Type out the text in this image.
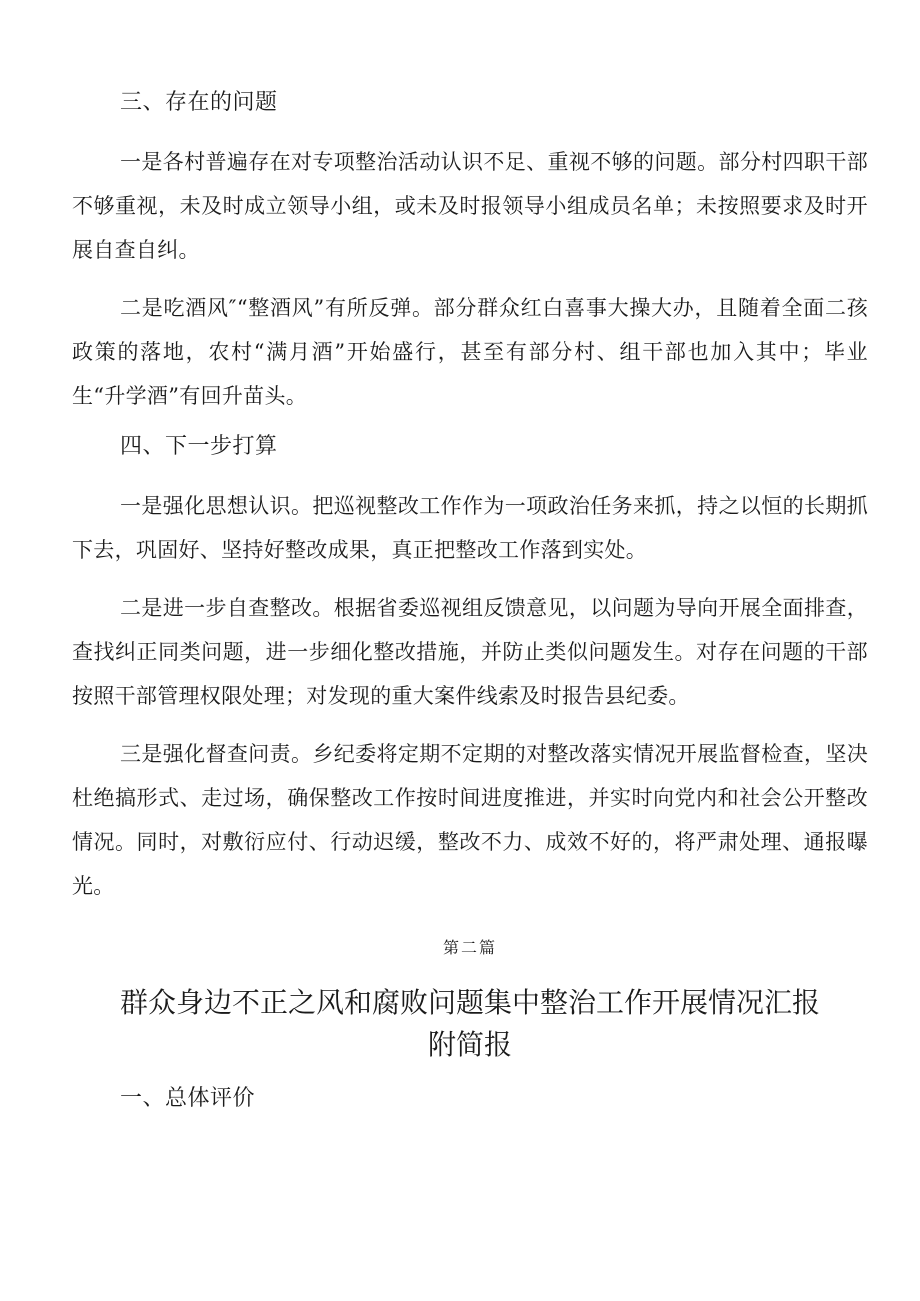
三、存在的问题

一是各村普遍存在对专项整治活动认识不足、重视不够的问题。部分村四职干部不够重视，未及时成立领导小组，或未及时报领导小组成员名单；未按照要求及时开展自查自纠。

二是吃酒风″“整酒风”有所反弹。部分群众红白喜事大操大办，且随着全面二孩政策的落地，农村“满月酒”开始盛行，甚至有部分村、组干部也加入其中；毕业生“升学酒”有回升苗头。

四、下一步打算

一是强化思想认识。把巡视整改工作作为一项政治任务来抓，持之以恒的长期抓下去，巩固好、坚持好整改成果，真正把整改工作落到实处。

二是进一步自查整改。根据省委巡视组反馈意见，以问题为导向开展全面排查，查找纠正同类问题，进一步细化整改措施，并防止类似问题发生。对存在问题的干部按照干部管理权限处理；对发现的重大案件线索及时报告县纪委。

三是强化督查问责。乡纪委将定期不定期的对整改落实情况开展监督检查，坚决杜绝搞形式、走过场，确保整改工作按时间进度推进，并实时向党内和社会公开整改情况。同时，对敷衍应付、行动迟缓，整改不力、成效不好的，将严肃处理、通报曝光。

第二篇
群众身边不正之风和腐败问题集中整治工作开展情况汇报附简报
一、总体评价
